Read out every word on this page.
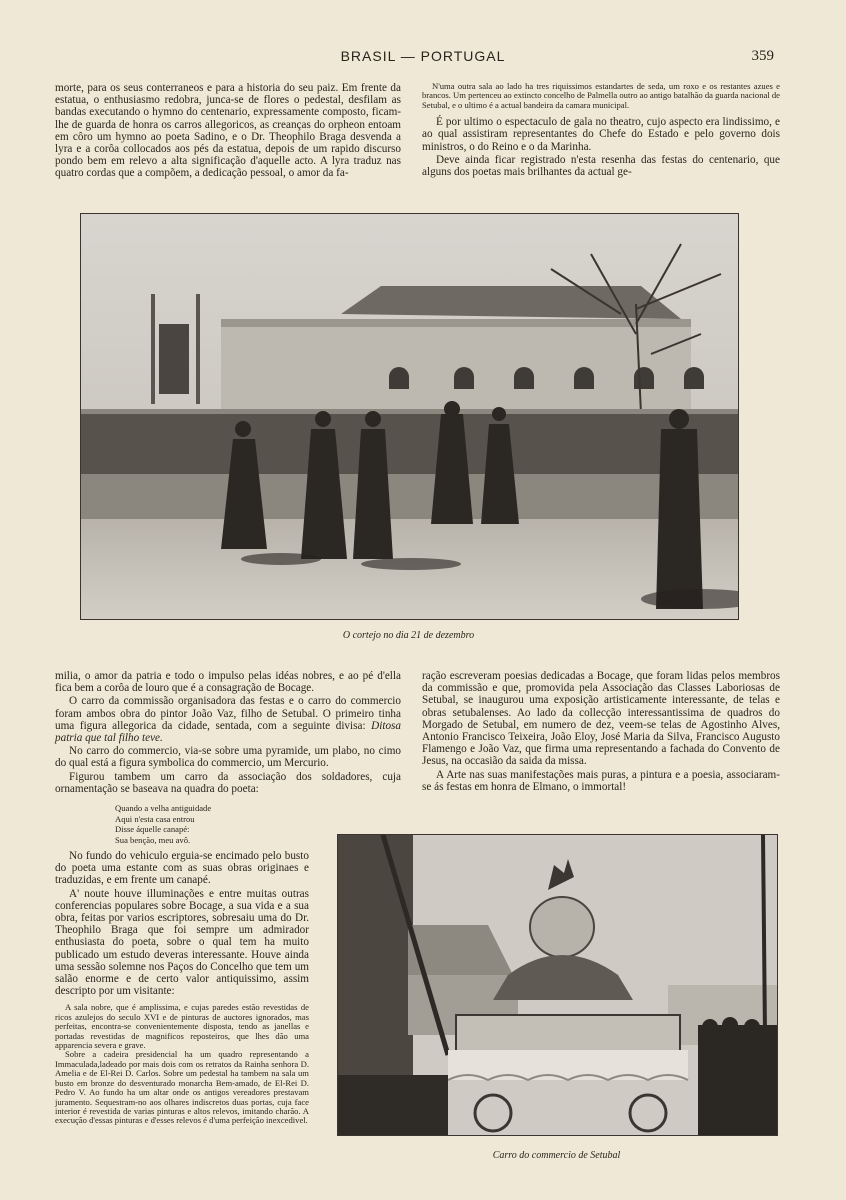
BRASIL — PORTUGAL	359

morte, para os seus conterraneos e para a historia do seu paiz. Em frente da estatua, o enthusiasmo redobra, junca-se de flores o pedestal, desfilam as bandas executando o hymno do centenario, expressamente composto, ficam-lhe de guarda de honra os carros allegoricos, as creanças do orpheon entoam em côro um hymno ao poeta Sadino, e o Dr. Theophilo Braga desvenda a lyra e a corôa collocados aos pés da estatua, depois de um rapido discurso pondo bem em relevo a alta significação d'aquelle acto. A lyra traduz nas quatro cordas que a compõem, a dedicação pessoal, o amor da fa-

N'uma outra sala ao lado ha tres riquissimos estandartes de seda, um roxo e os restantes azues e brancos. Um pertenceu ao extincto concelho de Palmella outro ao antigo batalhão da guarda nacional de Setubal, e o ultimo é a actual bandeira da camara municipal.

É por ultimo o espectaculo de gala no theatro, cujo aspecto era lindissimo, e ao qual assistiram representantes do Chefe do Estado e pelo governo dois ministros, o do Reino e o da Marinha.

Deve ainda ficar registrado n'esta resenha das festas do centenario, que alguns dos poetas mais brilhantes da actual ge-

O cortejo no dia 21 de dezembro

milia, o amor da patria e todo o impulso pelas idéas nobres, e ao pé d'ella fica bem a corôa de louro que é a consagração de Bocage.

O carro da commissão organisadora das festas e o carro do commercio foram ambos obra do pintor João Vaz, filho de Setubal. O primeiro tinha uma figura allegorica da cidade, sentada, com a seguinte divisa: Ditosa patria que tal filho teve.

No carro do commercio, via-se sobre uma pyramide, um plabo, no cimo do qual está a figura symbolica do commercio, um Mercurio.

Figurou tambem um carro da associação dos soldadores, cuja ornamentação se baseava na quadra do poeta:

Quando a velha antiguidade
Aqui n'esta casa entrou
Disse áquelle canapé:
Sua benção, meu avô.

No fundo do vehiculo erguia-se encimado pelo busto do poeta uma estante com as suas obras originaes e traduzidas, e em frente um canapé.

A' noute houve illuminações e entre muitas outras conferencias populares sobre Bocage, a sua vida e a sua obra, feitas por varios escriptores, sobresaiu uma do Dr. Theophilo Braga que foi sempre um admirador enthusiasta do poeta, sobre o qual tem ha muito publicado um estudo deveras interessante. Houve ainda uma sessão solemne nos Paços do Concelho que tem um salão enorme e de certo valor antiquissimo, assim descripto por um visitante:

A sala nobre, que é amplissima, e cujas paredes estão revestidas de ricos azulejos do seculo XVI e de pinturas de auctores ignorados, mas perfeitas, encontra-se convenientemente disposta, tendo as janellas e portadas revestidas de magnificos reposteiros, que lhes dão uma apparencia severa e grave.

Sobre a cadeira presidencial ha um quadro representando a Immaculada,ladeado por mais dois com os retratos da Rainha senhora D. Amelia e de El-Rei D. Carlos. Sobre um pedestal ha tambem na sala um busto em bronze do desventurado monarcha Bem-amado, de El-Rei D. Pedro V. Ao fundo ha um altar onde os antigos vereadores prestavam juramento. Sequestram-no aos olhares indiscretos duas portas, cuja face interior é revestida de varias pinturas e altos relevos, imitando charão. A execução d'essas pinturas e d'esses relevos é d'uma perfeição inexcedivel.

ração escreveram poesias dedicadas a Bocage, que foram lidas pelos membros da commissão e que, promovida pela Associação das Classes Laboriosas de Setubal, se inaugurou uma exposição artisticamente interessante, de telas e obras setubalenses. Ao lado da collecção interessantissima de quadros do Morgado de Setubal, em numero de dez, veem-se telas de Agostinho Alves, Antonio Francisco Teixeira, João Eloy, José Maria da Silva, Francisco Augusto Flamengo e João Vaz, que firma uma representando a fachada do Convento de Jesus, na occasião da saida da missa.

A Arte nas suas manifestações mais puras, a pintura e a poesia, associaram-se ás festas em honra de Elmano, o immortal!

Carro do commercio de Setubal
